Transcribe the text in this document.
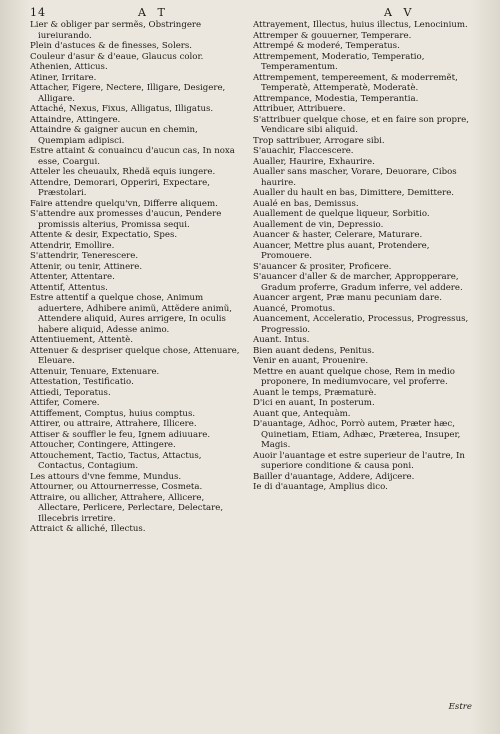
14	A T	A V
Lier & obliger par sermẽs, Obstringere iureiurando.
Plein d'astuces & de finesses, Solers.
Couleur d'asur & d'eaue, Glaucus color.
Athenien, Atticus.
Atiner, Irritare.
Attacher, Figere, Nectere, Illigare, Desigere, Alligare.
Attaché, Nexus, Fixus, Alligatus, Illigatus.
Attaindre, Attingere.
Attaindre & gaigner aucun en chemin, Quempiam adipisci.
Estre attaint & conuaincu d'aucun cas, In noxa esse, Coargui.
Atteler les cheuaulx, Rhedã equis iungere.
Attendre, Demorari, Opperiri, Expectare, Præstolari.
Faire attendre quelqu'vn, Differre aliquem.
S'attendre aux promesses d'aucun, Pendere promissis alterius, Promissa sequi.
Attente & desir, Expectatio, Spes.
Attendrir, Emollire.
S'attendrir, Tenerescere.
Attenir, ou tenir, Attinere.
Attenter, Attentare.
Attentif, Attentus.
Estre attentif a quelque chose, Animum aduertere, Adhibere animũ, Attẽdere animũ, Attendere aliquid, Aures arrigere, In oculis habere aliquid, Adesse animo.
Attentiuement, Attentè.
Attenuer & despriser quelque chose, Attenuare, Eleuare.
Attenuir, Tenuare, Extenuare.
Attestation, Testificatio.
Attiedi, Teporatus.
Attifer, Comere.
Attiffement, Comptus, huius comptus.
Attirer, ou attraire, Attrahere, Illicere.
Attiser & souffler le feu, Ignem adiuuare.
Attoucher, Contingere, Attingere.
Attouchement, Tactio, Tactus, Attactus, Contactus, Contagium.
Les attours d'vne femme, Mundus.
Attourner, ou Attournerresse, Cosmeta.
Attraire, ou allicher, Attrahere, Allicere, Allectare, Perlicere, Perlectare, Delectare, Illecebris irretire.
Attraict & alliché, Illectus.
Attrayement, Illectus, huius illectus, Lenocinium.
Attremper & gouuerner, Temperare.
Attrempé & moderé, Temperatus.
Attrempement, Moderatio, Temperatio, Temperamentum.
Attrempement, tempereement, & moderremẽt, Temperatè, Attemperatè, Moderatè.
Attrempance, Modestia, Temperantia.
Attribuer, Attribuere.
S'attribuer quelque chose, et en faire son propre, Vendicare sibi aliquid.
Trop sattribuer, Arrogare sibi.
S'auachir, Flaccescere.
Aualler, Haurire, Exhaurire.
Aualler sans mascher, Vorare, Deuorare, Cibos haurire.
Aualler du hault en bas, Dimittere, Demittere.
Aualé en bas, Demissus.
Auallement de quelque liqueur, Sorbitio.
Auallement de vin, Depressio.
Auancer & haster, Celerare, Maturare.
Auancer, Mettre plus auant, Protendere, Promouere.
S'auancer & prositer, Proficere.
S'auancer d'aller & de marcher, Appropperare, Gradum proferre, Gradum inferre, vel addere.
Auancer argent, Præ manu pecuniam dare.
Auancé, Promotus.
Auancement, Acceleratio, Processus, Progressus, Progressio.
Auant. Intus.
Bien auant dedens, Penitus.
Venir en auant, Prouenire.
Mettre en auant quelque chose, Rem in medio proponere, In mediumvocare, vel proferre.
Auant le temps, Præmaturè.
D'ici en auant, In posterum.
Auant que, Antequàm.
D'auantage, Adhoc, Porrò autem, Præter hæc, Quinetiam, Etiam, Adhæc, Præterea, Insuper, Magis.
Auoir l'auantage et estre superieur de l'autre, In superiore conditione & causa poni.
Bailler d'auantage, Addere, Adijcere.
Ie di d'auantage, Amplius dico.
Estre
